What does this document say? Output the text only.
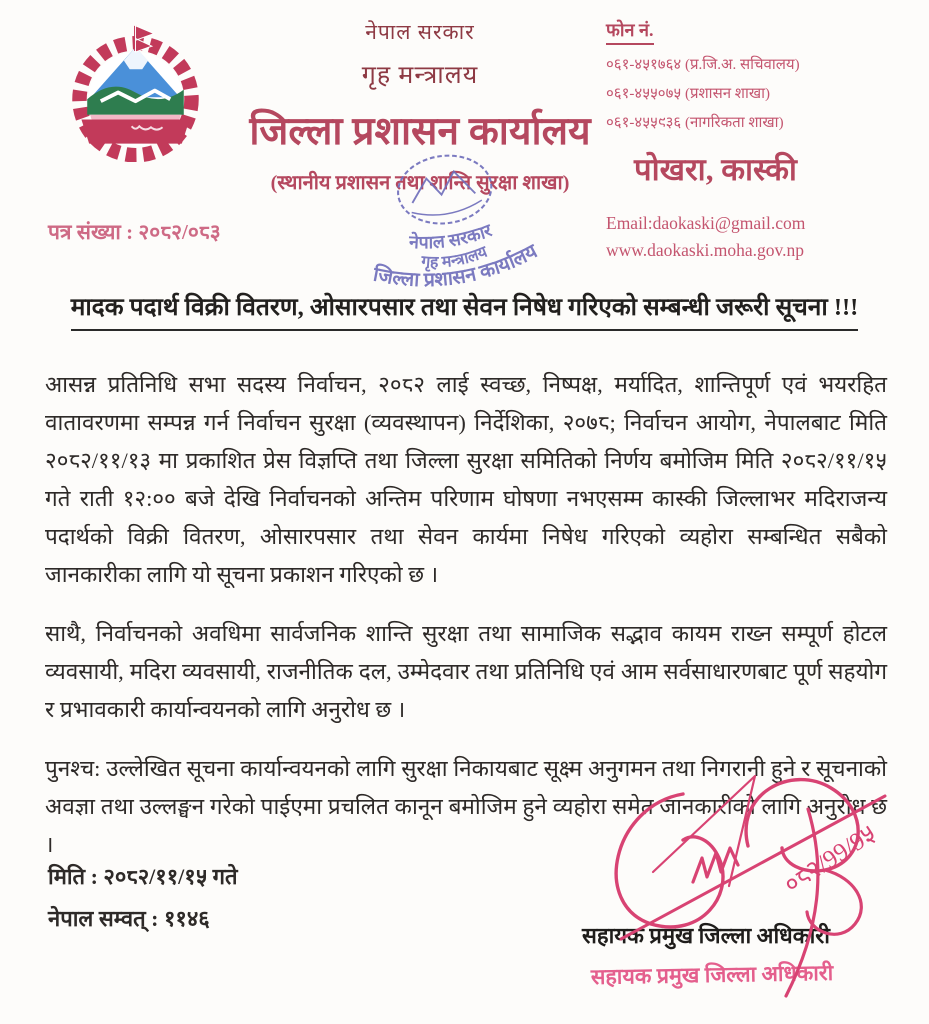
नेपाल सरकार
गृह मन्त्रालय
जिल्ला प्रशासन कार्यालय
(स्थानीय प्रशासन तथा शान्ति सुरक्षा शाखा)
फोन नं.
०६१-४५१७६४ (प्र.जि.अ. सचिवालय)
०६१-४५५०७५ (प्रशासन शाखा)
०६१-४५५९३६ (नागरिकता शाखा)
पोखरा, कास्की
Email:daokaski@gmail.com
www.daokaski.moha.gov.np
पत्र संख्या : २०८२/०८३	नेपाल सरकार
गृह मन्त्रालय
जिल्ला प्रशासन कार्यालय
मादक पदार्थ विक्री वितरण, ओसारपसार तथा सेवन निषेध गरिएको सम्बन्धी जरूरी सूचना !!!

आसन्न प्रतिनिधि सभा सदस्य निर्वाचन, २०८२ लाई स्वच्छ, निष्पक्ष, मर्यादित, शान्तिपूर्ण एवं भयरहित वातावरणमा सम्पन्न गर्न निर्वाचन सुरक्षा (व्यवस्थापन) निर्देशिका, २०७८; निर्वाचन आयोग, नेपालबाट मिति २०८२/११/१३ मा प्रकाशित प्रेस विज्ञप्ति तथा जिल्ला सुरक्षा समितिको निर्णय बमोजिम मिति २०८२/११/१५ गते राती १२:०० बजे देखि निर्वाचनको अन्तिम परिणाम घोषणा नभएसम्म कास्की जिल्लाभर मदिराजन्य पदार्थको विक्री वितरण, ओसारपसार तथा सेवन कार्यमा निषेध गरिएको व्यहोरा सम्बन्धित सबैको जानकारीका लागि यो सूचना प्रकाशन गरिएको छ ।

साथै, निर्वाचनको अवधिमा सार्वजनिक शान्ति सुरक्षा तथा सामाजिक सद्भाव कायम राख्न सम्पूर्ण होटल व्यवसायी, मदिरा व्यवसायी, राजनीतिक दल, उम्मेदवार तथा प्रतिनिधि एवं आम सर्वसाधारणबाट पूर्ण सहयोग र प्रभावकारी कार्यान्वयनको लागि अनुरोध छ ।

पुनश्च: उल्लेखित सूचना कार्यान्वयनको लागि सुरक्षा निकायबाट सूक्ष्म अनुगमन तथा निगरानी हुने र सूचनाको अवज्ञा तथा उल्लङ्घन गरेको पाईएमा प्रचलित कानून बमोजिम हुने व्यहोरा समेत जानकारीको लागि अनुरोध छ ।

मिति : २०८२/११/१५ गते
नेपाल सम्वत् : ११४६
०८२/99/9५
सहायक प्रमुख जिल्ला अधिकारी
सहायक प्रमुख जिल्ला अधिकारी
